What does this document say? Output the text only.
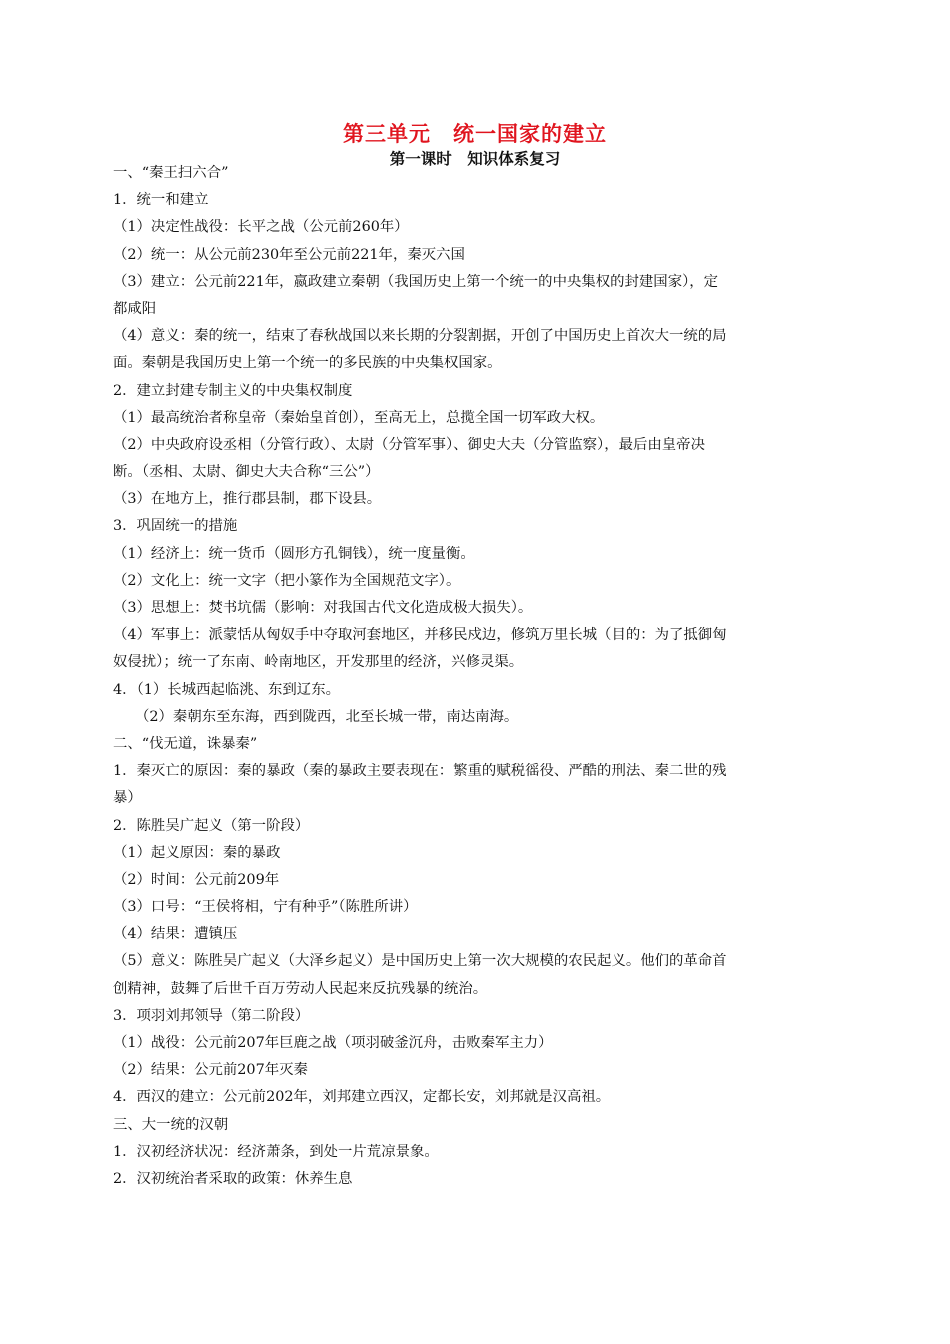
第三单元　统一国家的建立
第一课时　知识体系复习
一、“秦王扫六合”
1．统一和建立
（1）决定性战役：长平之战（公元前260年）
（2）统一：从公元前230年至公元前221年，秦灭六国
（3）建立：公元前221年，嬴政建立秦朝（我国历史上第一个统一的中央集权的封建国家），定
都咸阳
（4）意义：秦的统一，结束了春秋战国以来长期的分裂割据，开创了中国历史上首次大一统的局
面。秦朝是我国历史上第一个统一的多民族的中央集权国家。
2．建立封建专制主义的中央集权制度
（1）最高统治者称皇帝（秦始皇首创），至高无上，总揽全国一切军政大权。
（2）中央政府设丞相（分管行政）、太尉（分管军事）、御史大夫（分管监察），最后由皇帝决
断。（丞相、太尉、御史大夫合称“三公”）
（3）在地方上，推行郡县制，郡下设县。
3．巩固统一的措施
（1）经济上：统一货币（圆形方孔铜钱），统一度量衡。
（2）文化上：统一文字（把小篆作为全国规范文字）。
（3）思想上：焚书坑儒（影响：对我国古代文化造成极大损失）。
（4）军事上：派蒙恬从匈奴手中夺取河套地区，并移民戍边，修筑万里长城（目的：为了抵御匈
奴侵扰）；统一了东南、岭南地区，开发那里的经济，兴修灵渠。
4．（1）长城西起临洮、东到辽东。
（2）秦朝东至东海，西到陇西，北至长城一带，南达南海。
二、“伐无道，诛暴秦”
1．秦灭亡的原因：秦的暴政（秦的暴政主要表现在：繁重的赋税徭役、严酷的刑法、秦二世的残
暴）
2．陈胜吴广起义（第一阶段）
（1）起义原因：秦的暴政
（2）时间：公元前209年
（3）口号：“王侯将相，宁有种乎”（陈胜所讲）
（4）结果：遭镇压
（5）意义：陈胜吴广起义（大泽乡起义）是中国历史上第一次大规模的农民起义。他们的革命首
创精神，鼓舞了后世千百万劳动人民起来反抗残暴的统治。
3．项羽刘邦领导（第二阶段）
（1）战役：公元前207年巨鹿之战（项羽破釜沉舟，击败秦军主力）
（2）结果：公元前207年灭秦
4．西汉的建立：公元前202年，刘邦建立西汉，定都长安，刘邦就是汉高祖。
三、大一统的汉朝
1．汉初经济状况：经济萧条，到处一片荒凉景象。
2．汉初统治者采取的政策：休养生息
